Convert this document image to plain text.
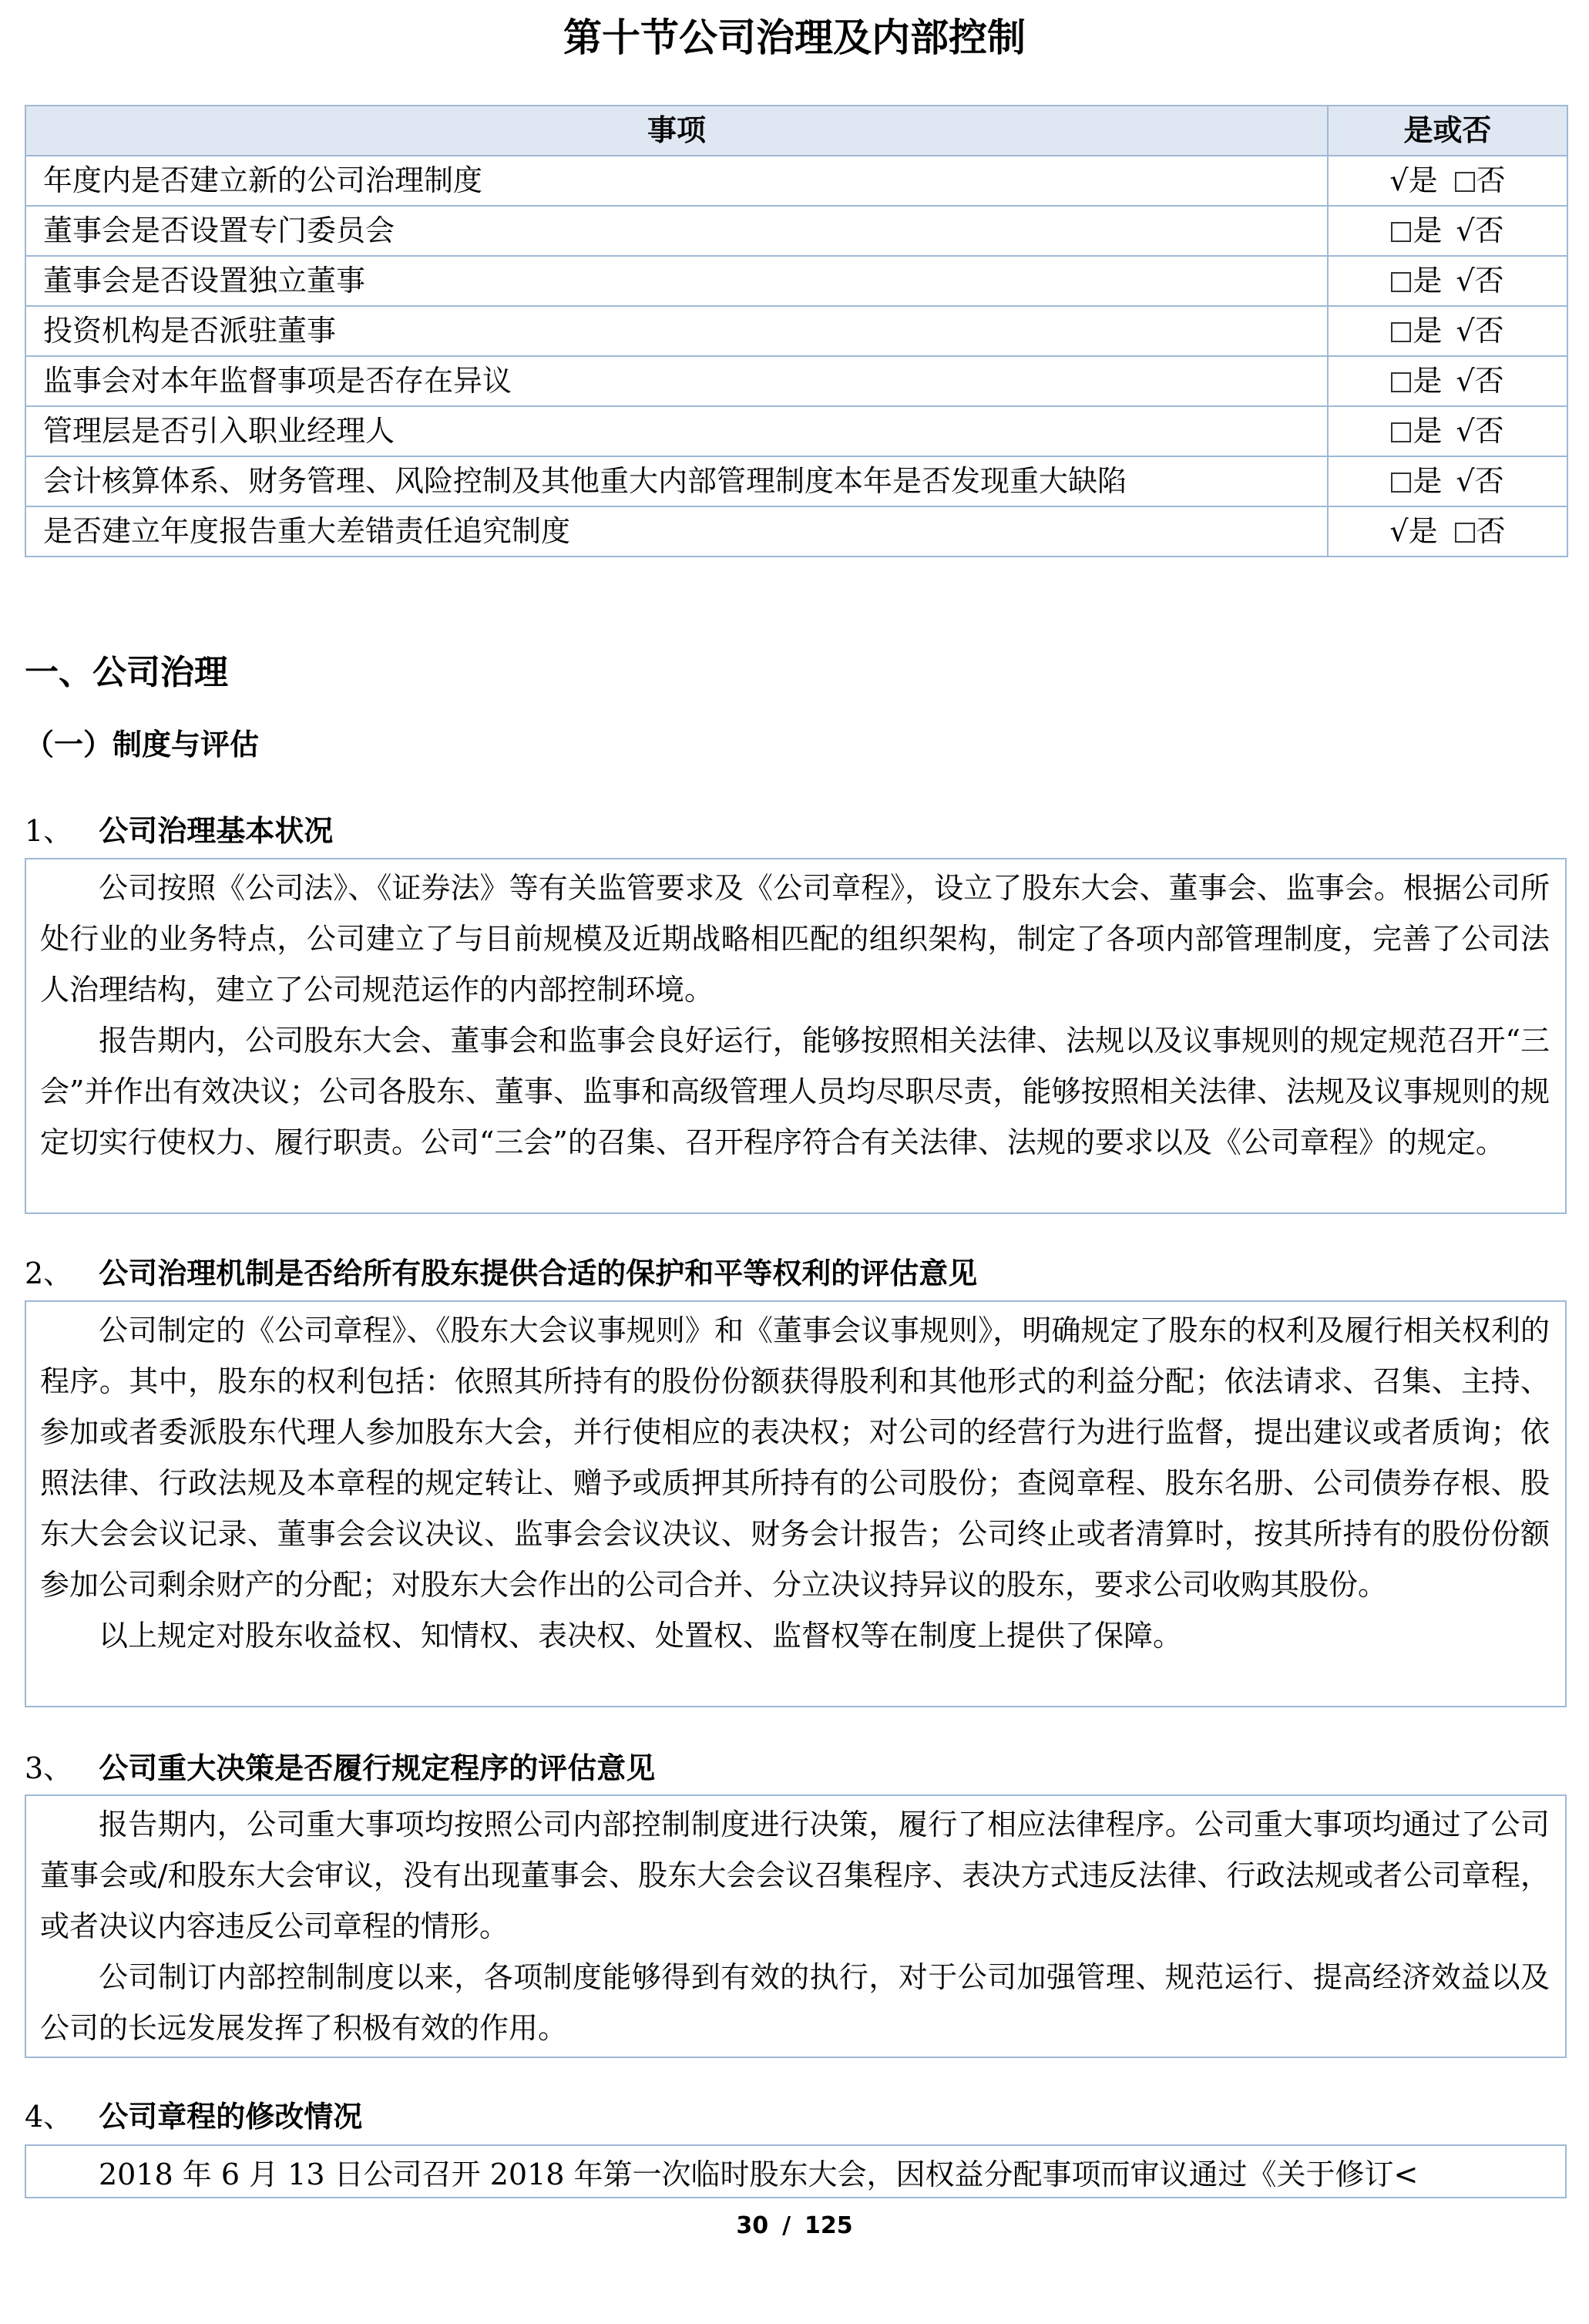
第十节公司治理及内部控制
事项	是或否
年度内是否建立新的公司治理制度	√是 否
董事会是否设置专门委员会	是 √否
董事会是否设置独立董事	是 √否
投资机构是否派驻董事	是 √否
监事会对本年监督事项是否存在异议	是 √否
管理层是否引入职业经理人	是 √否
会计核算体系、财务管理、风险控制及其他重大内部管理制度本年是否发现重大缺陷	是 √否
是否建立年度报告重大差错责任追究制度	√是 否
一、公司治理
（一）制度与评估
1、 公司治理基本状况

公司按照《公司法》、《证券法》等有关监管要求及《公司章程》，设立了股东大会、董事会、监事会。根据公司所处行业的业务特点，公司建立了与目前规模及近期战略相匹配的组织架构，制定了各项内部管理制度，完善了公司法人治理结构，建立了公司规范运作的内部控制环境。

报告期内，公司股东大会、董事会和监事会良好运行，能够按照相关法律、法规以及议事规则的规定规范召开“三会”并作出有效决议；公司各股东、董事、监事和高级管理人员均尽职尽责，能够按照相关法律、法规及议事规则的规定切实行使权力、履行职责。公司“三会”的召集、召开程序符合有关法律、法规的要求以及《公司章程》的规定。

2、 公司治理机制是否给所有股东提供合适的保护和平等权利的评估意见

公司制定的《公司章程》、《股东大会议事规则》和《董事会议事规则》，明确规定了股东的权利及履行相关权利的程序。其中，股东的权利包括：依照其所持有的股份份额获得股利和其他形式的利益分配；依法请求、召集、主持、参加或者委派股东代理人参加股东大会，并行使相应的表决权；对公司的经营行为进行监督，提出建议或者质询；依照法律、行政法规及本章程的规定转让、赠予或质押其所持有的公司股份；查阅章程、股东名册、公司债券存根、股东大会会议记录、董事会会议决议、监事会会议决议、财务会计报告；公司终止或者清算时，按其所持有的股份份额参加公司剩余财产的分配；对股东大会作出的公司合并、分立决议持异议的股东，要求公司收购其股份。

以上规定对股东收益权、知情权、表决权、处置权、监督权等在制度上提供了保障。

3、 公司重大决策是否履行规定程序的评估意见

报告期内，公司重大事项均按照公司内部控制制度进行决策，履行了相应法律程序。公司重大事项均通过了公司董事会或/和股东大会审议，没有出现董事会、股东大会会议召集程序、表决方式违反法律、行政法规或者公司章程，或者决议内容违反公司章程的情形。

公司制订内部控制制度以来，各项制度能够得到有效的执行，对于公司加强管理、规范运行、提高经济效益以及公司的长远发展发挥了积极有效的作用。

4、 公司章程的修改情况

2018 年 6 月 13 日公司召开 2018 年第一次临时股东大会，因权益分配事项而审议通过《关于修订<

30 / 125
